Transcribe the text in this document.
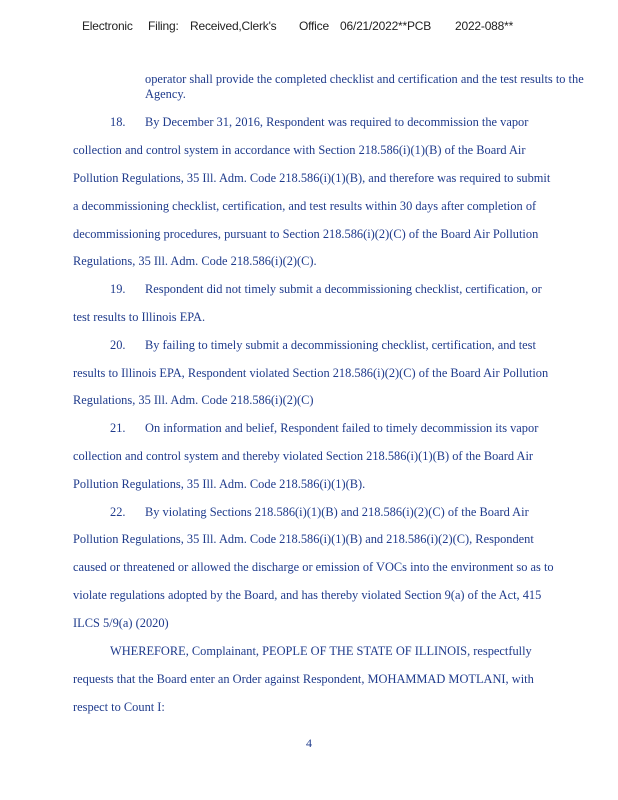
Electronic Filing: Received,Clerk's Office 06/21/2022**PCB 2022-088**
operator shall provide the completed checklist and certification and the test results to the Agency.
18. By December 31, 2016, Respondent was required to decommission the vapor
collection and control system in accordance with Section 218.586(i)(1)(B) of the Board Air
Pollution Regulations, 35 Ill. Adm. Code 218.586(i)(1)(B), and therefore was required to submit
a decommissioning checklist, certification, and test results within 30 days after completion of
decommissioning procedures, pursuant to Section 218.586(i)(2)(C) of the Board Air Pollution
Regulations, 35 Ill. Adm. Code 218.586(i)(2)(C).
19. Respondent did not timely submit a decommissioning checklist, certification, or
test results to Illinois EPA.
20. By failing to timely submit a decommissioning checklist, certification, and test
results to Illinois EPA, Respondent violated Section 218.586(i)(2)(C) of the Board Air Pollution
Regulations, 35 Ill. Adm. Code 218.586(i)(2)(C)
21. On information and belief, Respondent failed to timely decommission its vapor
collection and control system and thereby violated Section 218.586(i)(1)(B) of the Board Air
Pollution Regulations, 35 Ill. Adm. Code 218.586(i)(1)(B).
22. By violating Sections 218.586(i)(1)(B) and 218.586(i)(2)(C) of the Board Air
Pollution Regulations, 35 Ill. Adm. Code 218.586(i)(1)(B) and 218.586(i)(2)(C), Respondent
caused or threatened or allowed the discharge or emission of VOCs into the environment so as to
violate regulations adopted by the Board, and has thereby violated Section 9(a) of the Act, 415
ILCS 5/9(a) (2020)
WHEREFORE, Complainant, PEOPLE OF THE STATE OF ILLINOIS, respectfully
requests that the Board enter an Order against Respondent, MOHAMMAD MOTLANI, with
respect to Count I:
4
